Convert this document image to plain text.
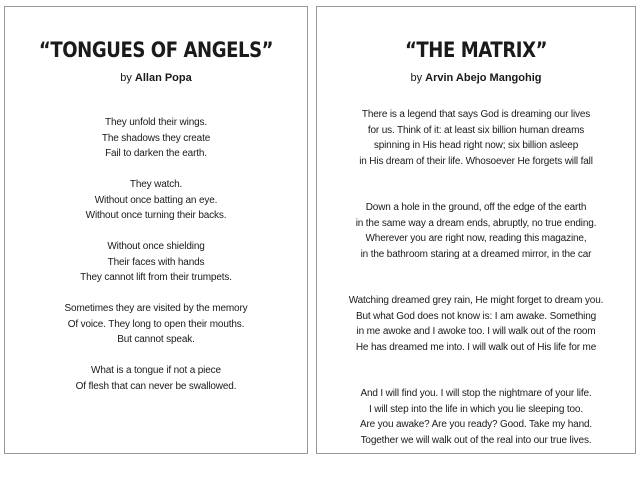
“TONGUES OF ANGELS”
by Allan Popa

They unfold their wings.
The shadows they create
Fail to darken the earth.

They watch.
Without once batting an eye.
Without once turning their backs.

Without once shielding
Their faces with hands
They cannot lift from their trumpets.

Sometimes they are visited by the memory
Of voice. They long to open their mouths.
But cannot speak.

What is a tongue if not a piece
Of flesh that can never be swallowed.

“THE MATRIX”
by Arvin Abejo Mangohig

There is a legend that says God is dreaming our lives
for us. Think of it: at least six billion human dreams
spinning in His head right now; six billion asleep
in His dream of their life. Whosoever He forgets will fall

Down a hole in the ground, off the edge of the earth
in the same way a dream ends, abruptly, no true ending.
Wherever you are right now, reading this magazine,
in the bathroom staring at a dreamed mirror, in the car

Watching dreamed grey rain, He might forget to dream you.
But what God does not know is: I am awake. Something
in me awoke and I awoke too. I will walk out of the room
He has dreamed me into. I will walk out of His life for me

And I will find you. I will stop the nightmare of your life.
I will step into the life in which you lie sleeping too.
Are you awake? Are you ready? Good. Take my hand.
Together we will walk out of the real into our true lives.
